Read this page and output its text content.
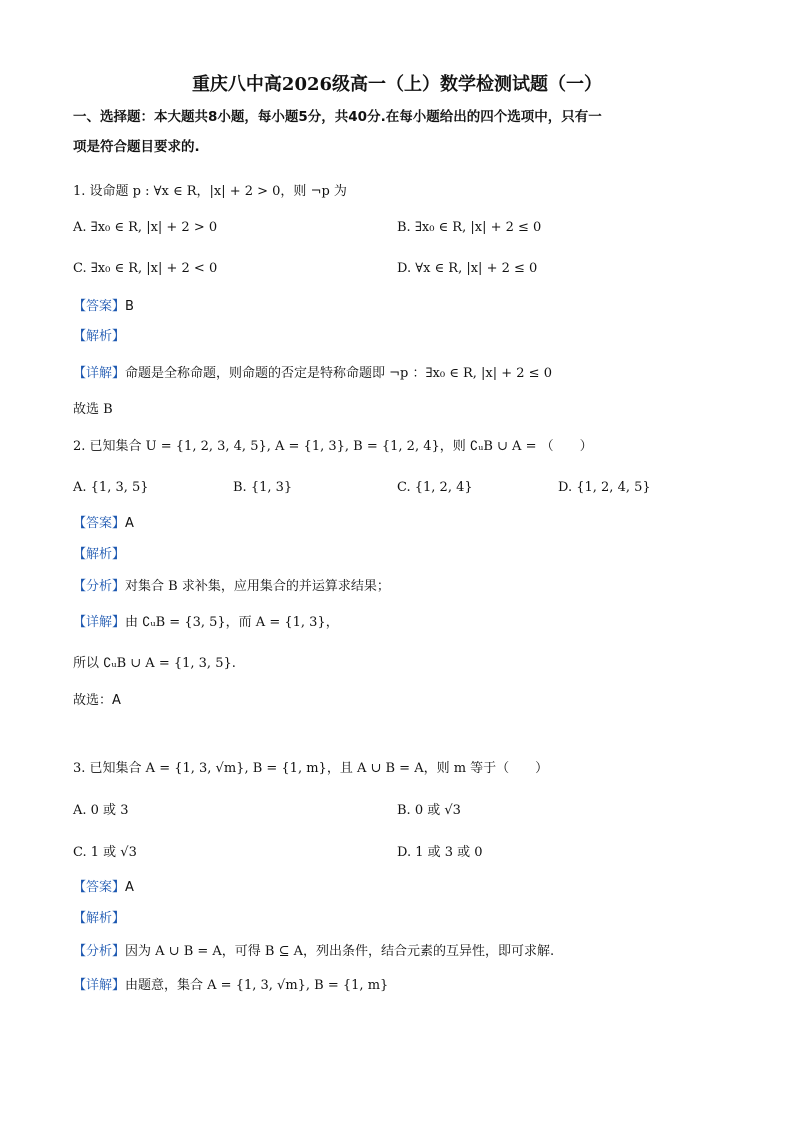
重庆八中高2026级高一（上）数学检测试题（一）
一、选择题：本大题共8小题，每小题5分，共40分.在每小题给出的四个选项中，只有一
项是符合题目要求的.
1. 设命题 p : ∀x ∈ R，|x| + 2 > 0，则 ¬p 为
A. ∃x₀ ∈ R, |x| + 2 > 0	B. ∃x₀ ∈ R, |x| + 2 ≤ 0
C. ∃x₀ ∈ R, |x| + 2 < 0	D. ∀x ∈ R, |x| + 2 ≤ 0
【答案】B
【解析】
【详解】命题是全称命题，则命题的否定是特称命题即 ¬p ：∃x₀ ∈ R, |x| + 2 ≤ 0
故选 B
2. 已知集合 U = {1, 2, 3, 4, 5}, A = {1, 3}, B = {1, 2, 4}，则 ∁ᵤB ∪ A = （　　）
A. {1, 3, 5}	B. {1, 3}	C. {1, 2, 4}	D. {1, 2, 4, 5}
【答案】A
【解析】
【分析】对集合 B 求补集，应用集合的并运算求结果；
【详解】由 ∁ᵤB = {3, 5}，而 A = {1, 3}，
所以 ∁ᵤB ∪ A = {1, 3, 5}.
故选：A
3. 已知集合 A = {1, 3, √m}, B = {1, m}，且 A ∪ B = A，则 m 等于（　　）
A. 0 或 3	B. 0 或 √3
C. 1 或 √3	D. 1 或 3 或 0
【答案】A
【解析】
【分析】因为 A ∪ B = A，可得 B ⊆ A，列出条件，结合元素的互异性，即可求解.
【详解】由题意，集合 A = {1, 3, √m}, B = {1, m}
